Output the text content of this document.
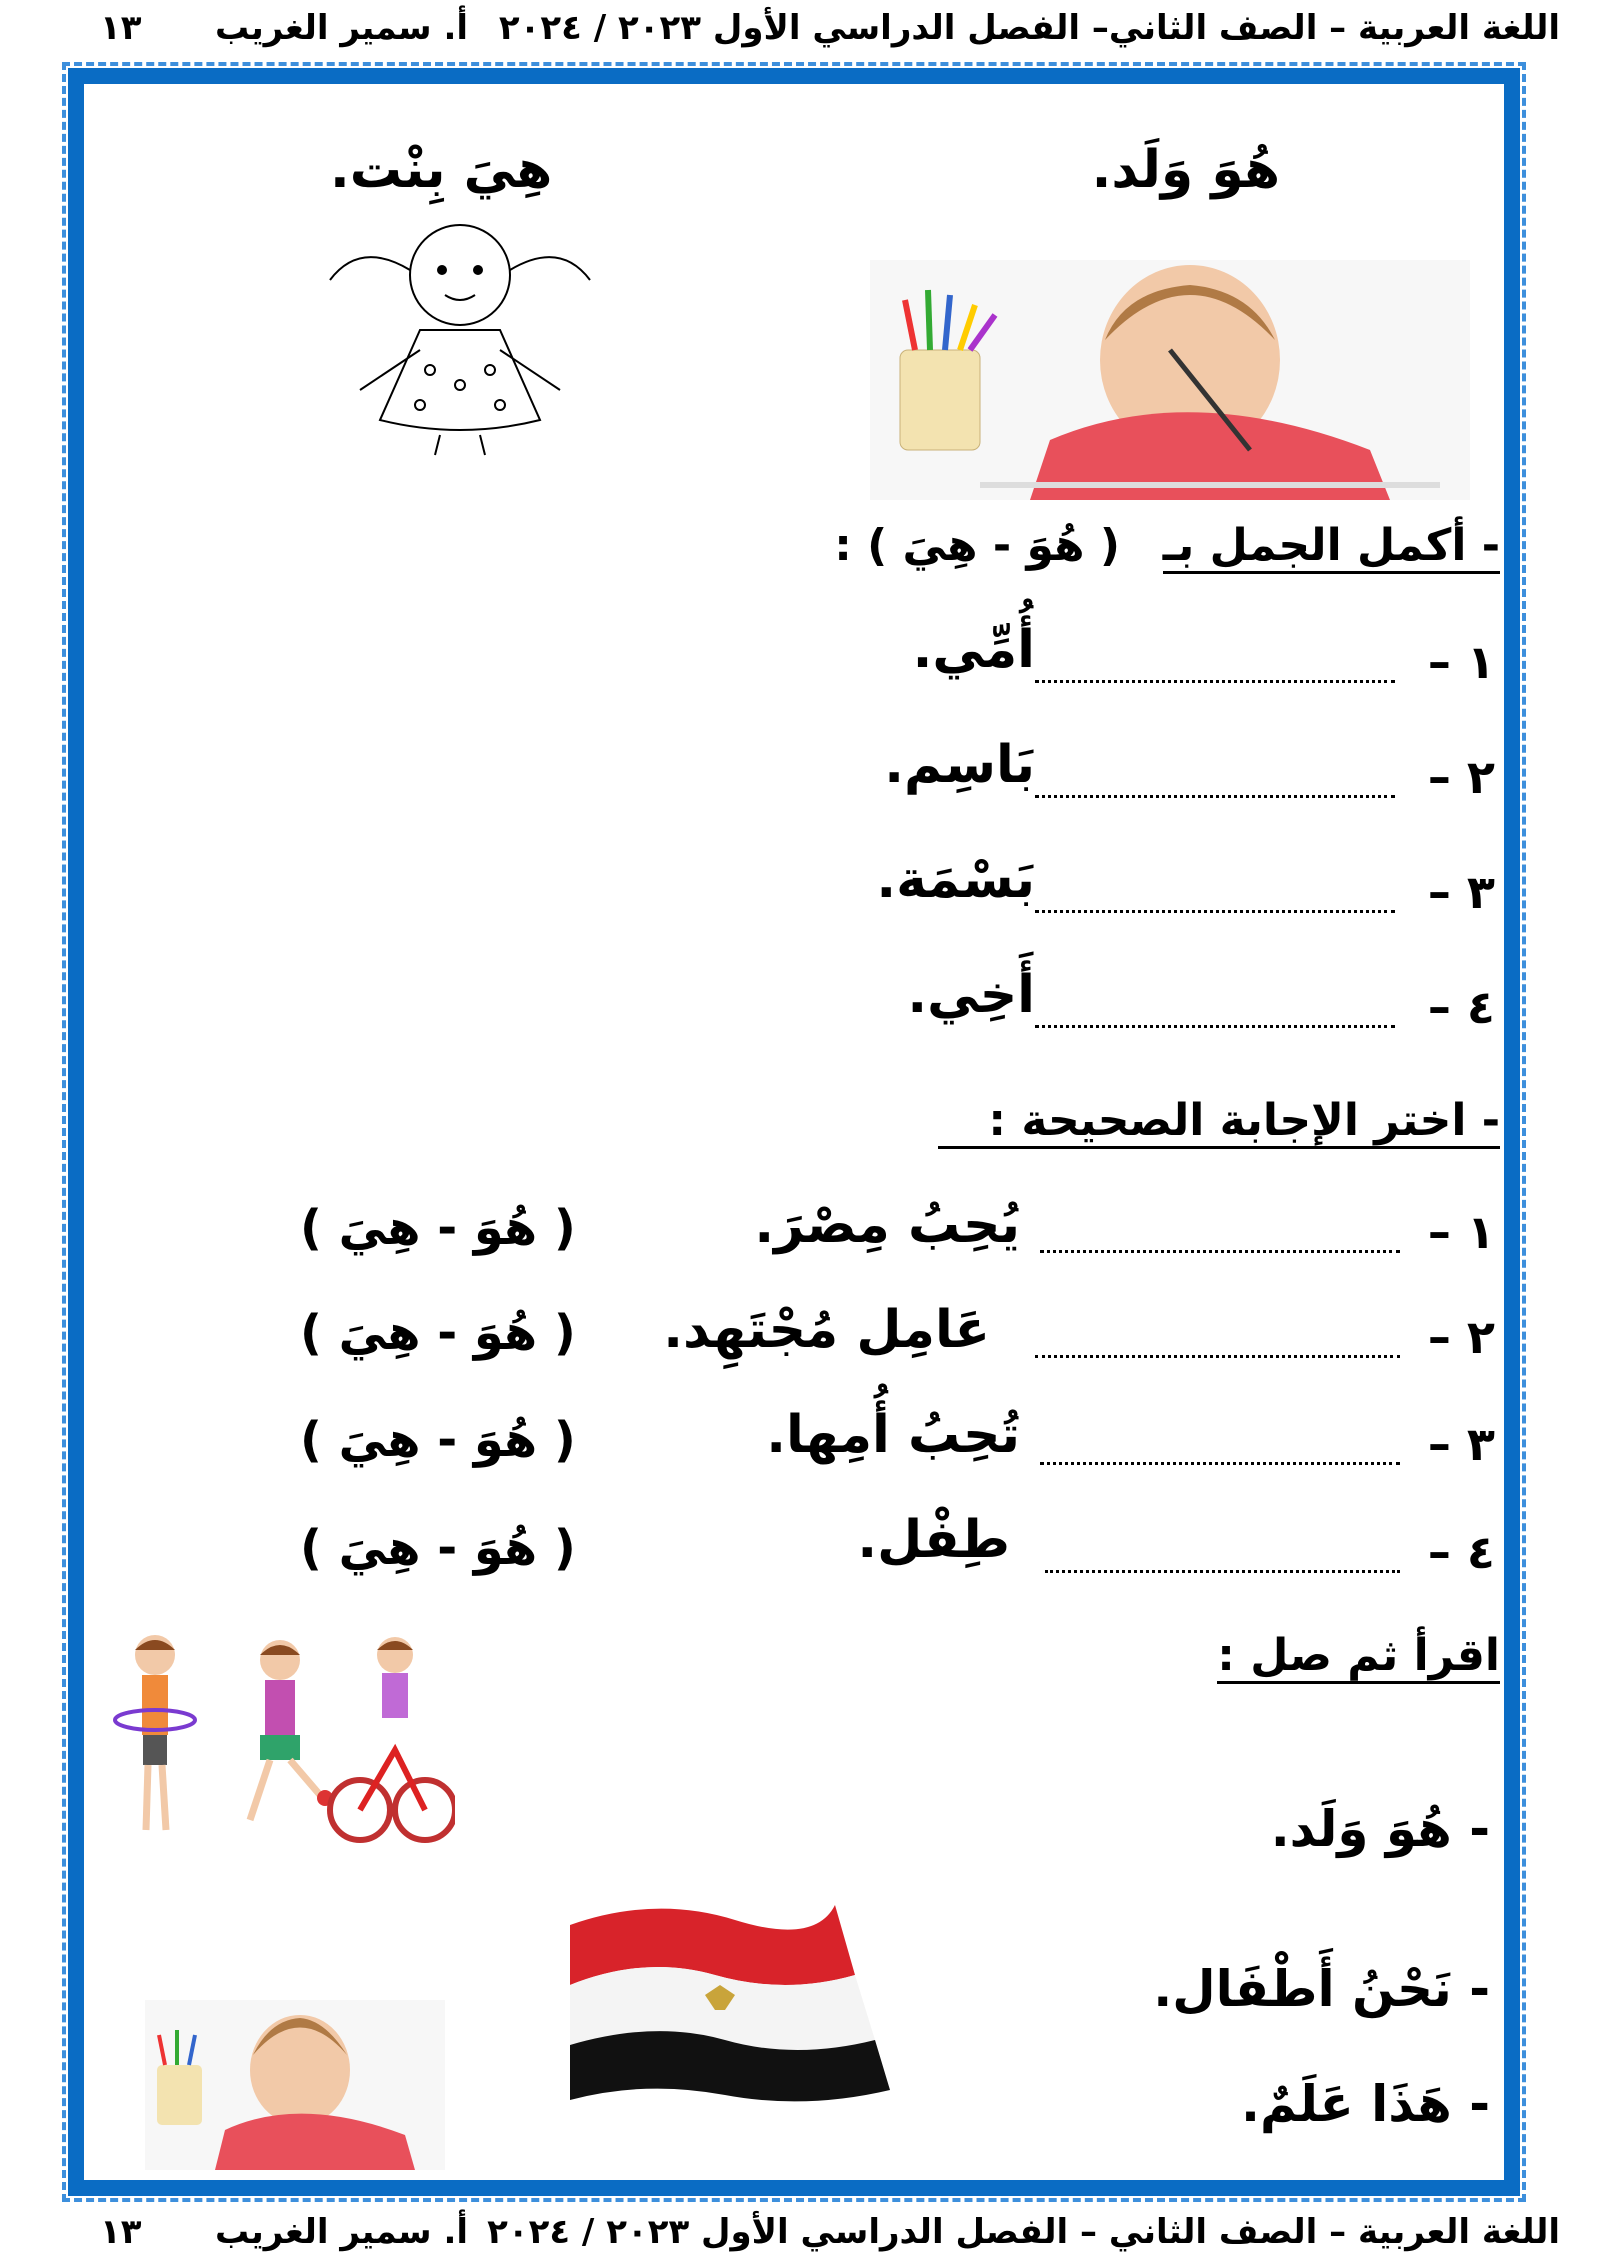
اللغة العربية – الصف الثاني– الفصل الدراسي الأول ٢٠٢٣ / ٢٠٢٤
أ. سمير الغريب
١٣
هُوَ وَلَد.
هِيَ بِنْت.
- أكمل الجمل بـ
( هُوَ - هِيَ ) :
١ –
أُمِّي.
٢ –
بَاسِم.
٣ –
بَسْمَة.
٤ –
أَخِي.
- اختر الإجابة الصحيحة :
١ –
يُحِبُ مِصْرَ.
( هُوَ - هِيَ )
٢ –
عَامِل مُجْتَهِد.
( هُوَ - هِيَ )
٣ –
تُحِبُ أُمِها.
( هُوَ - هِيَ )
٤ –
طِفْل.
( هُوَ - هِيَ )
اقرأ ثم صل :
- هُوَ وَلَد.
- نَحْنُ أَطْفَال.
- هَذَا عَلَمٌ.
اللغة العربية – الصف الثاني – الفصل الدراسي الأول ٢٠٢٣ / ٢٠٢٤
أ. سمير الغريب
١٣
